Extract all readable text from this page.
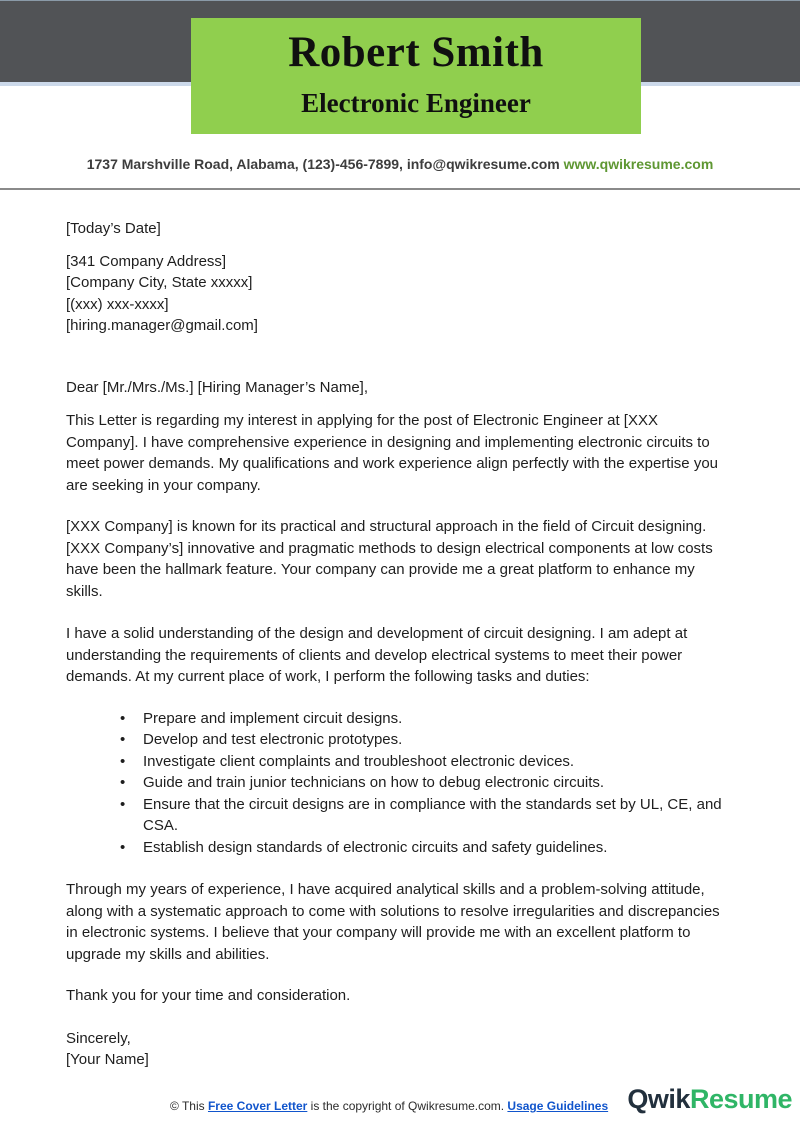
Robert Smith
Electronic Engineer
1737 Marshville Road, Alabama, (123)-456-7899, info@qwikresume.com www.qwikresume.com

[Today’s Date]

[341 Company Address]
[Company City, State xxxxx]
[(xxx) xxx-xxxx]
[hiring.manager@gmail.com]

Dear [Mr./Mrs./Ms.] [Hiring Manager’s Name],

This Letter is regarding my interest in applying for the post of Electronic Engineer at [XXX Company]. I have comprehensive experience in designing and implementing electronic circuits to meet power demands. My qualifications and work experience align perfectly with the expertise you are seeking in your company.

[XXX Company] is known for its practical and structural approach in the field of Circuit designing. [XXX Company’s] innovative and pragmatic methods to design electrical components at low costs have been the hallmark feature. Your company can provide me a great platform to enhance my skills.

I have a solid understanding of the design and development of circuit designing. I am adept at understanding the requirements of clients and develop electrical systems to meet their power demands. At my current place of work, I perform the following tasks and duties:

• Prepare and implement circuit designs.
• Develop and test electronic prototypes.
• Investigate client complaints and troubleshoot electronic devices.
• Guide and train junior technicians on how to debug electronic circuits.
• Ensure that the circuit designs are in compliance with the standards set by UL, CE, and CSA.
• Establish design standards of electronic circuits and safety guidelines.

Through my years of experience, I have acquired analytical skills and a problem-solving attitude, along with a systematic approach to come with solutions to resolve irregularities and discrepancies in electronic systems. I believe that your company will provide me with an excellent platform to upgrade my skills and abilities.

Thank you for your time and consideration.

Sincerely,
[Your Name]
© This Free Cover Letter is the copyright of Qwikresume.com. Usage Guidelines QwikResume
